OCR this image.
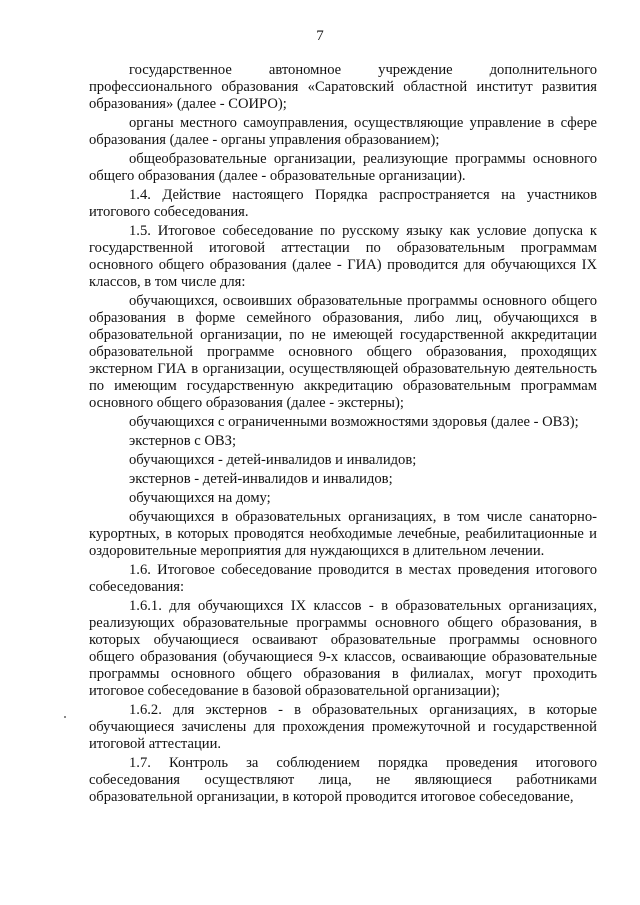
7

государственное автономное учреждение дополнительного профессионального образования «Саратовский областной институт развития образования» (далее - СОИРО);

органы местного самоуправления, осуществляющие управление в сфере образования (далее - органы управления образованием);

общеобразовательные организации, реализующие программы основного общего образования (далее - образовательные организации).

1.4. Действие настоящего Порядка распространяется на участников итогового собеседования.

1.5. Итоговое собеседование по русскому языку как условие допуска к государственной итоговой аттестации по образовательным программам основного общего образования (далее - ГИА) проводится для обучающихся IX классов, в том числе для:

обучающихся, освоивших образовательные программы основного общего образования в форме семейного образования, либо лиц, обучающихся в образовательной организации, по не имеющей государственной аккредитации образовательной программе основного общего образования, проходящих экстерном ГИА в организации, осуществляющей образовательную деятельность по имеющим государственную аккредитацию образовательным программам основного общего образования (далее - экстерны);

обучающихся с ограниченными возможностями здоровья (далее - ОВЗ);

экстернов с ОВЗ;

обучающихся - детей-инвалидов и инвалидов;

экстернов - детей-инвалидов и инвалидов;

обучающихся на дому;

обучающихся в образовательных организациях, в том числе санаторно-курортных, в которых проводятся необходимые лечебные, реабилитационные и оздоровительные мероприятия для нуждающихся в длительном лечении.

1.6. Итоговое собеседование проводится в местах проведения итогового собеседования:

1.6.1. для обучающихся IX классов - в образовательных организациях, реализующих образовательные программы основного общего образования, в которых обучающиеся осваивают образовательные программы основного общего образования (обучающиеся 9-х классов, осваивающие образовательные программы основного общего образования в филиалах, могут проходить итоговое собеседование в базовой образовательной организации);

1.6.2. для экстернов - в образовательных организациях, в которые обучающиеся зачислены для прохождения промежуточной и государственной итоговой аттестации.

1.7. Контроль за соблюдением порядка проведения итогового собеседования осуществляют лица, не являющиеся работниками образовательной организации, в которой проводится итоговое собеседование,
